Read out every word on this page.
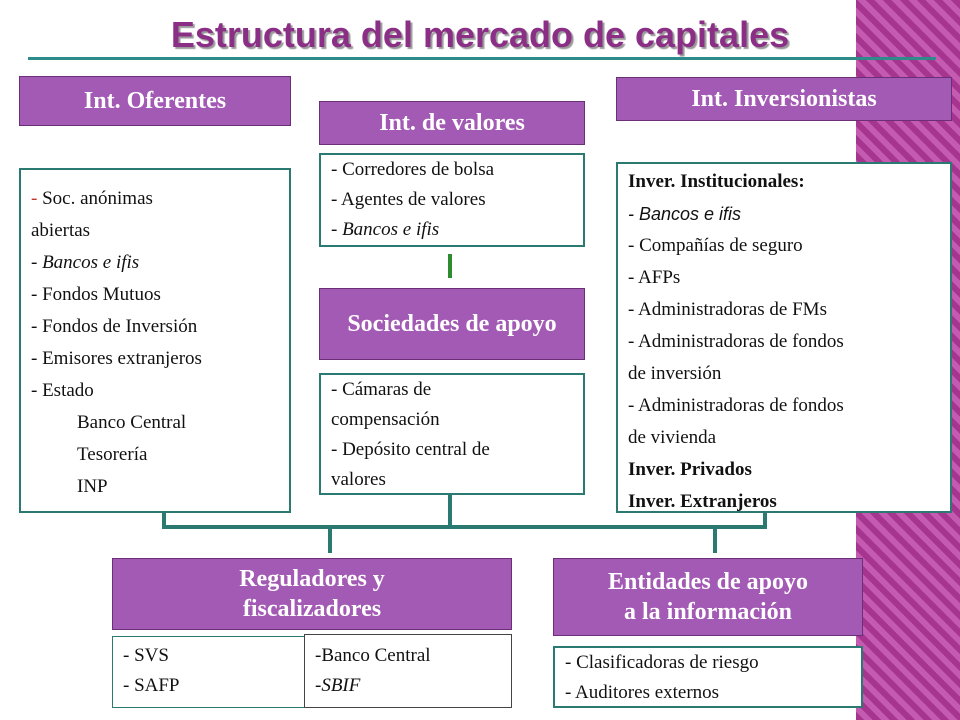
Estructura del mercado de capitales
Int. Oferentes
Int. de valores
Int. Inversionistas
Sociedades de apoyo
Reguladores y
fiscalizadores
Entidades de apoyo
a la información
- Soc. anónimas
abiertas
- Bancos e ifis
- Fondos Mutuos
- Fondos de Inversión
- Emisores extranjeros
- Estado
Banco Central
Tesorería
INP
- Corredores de bolsa
- Agentes de valores
- Bancos e ifis
- Cámaras de
compensación
- Depósito central de
valores
Inver. Institucionales:
- Bancos e ifis
- Compañías de seguro
- AFPs
- Administradoras de FMs
- Administradoras de fondos
de inversión
- Administradoras de fondos
de vivienda
Inver. Privados
Inver. Extranjeros
- SVS
- SAFP
-Banco Central
-SBIF
- Clasificadoras de riesgo
- Auditores externos
